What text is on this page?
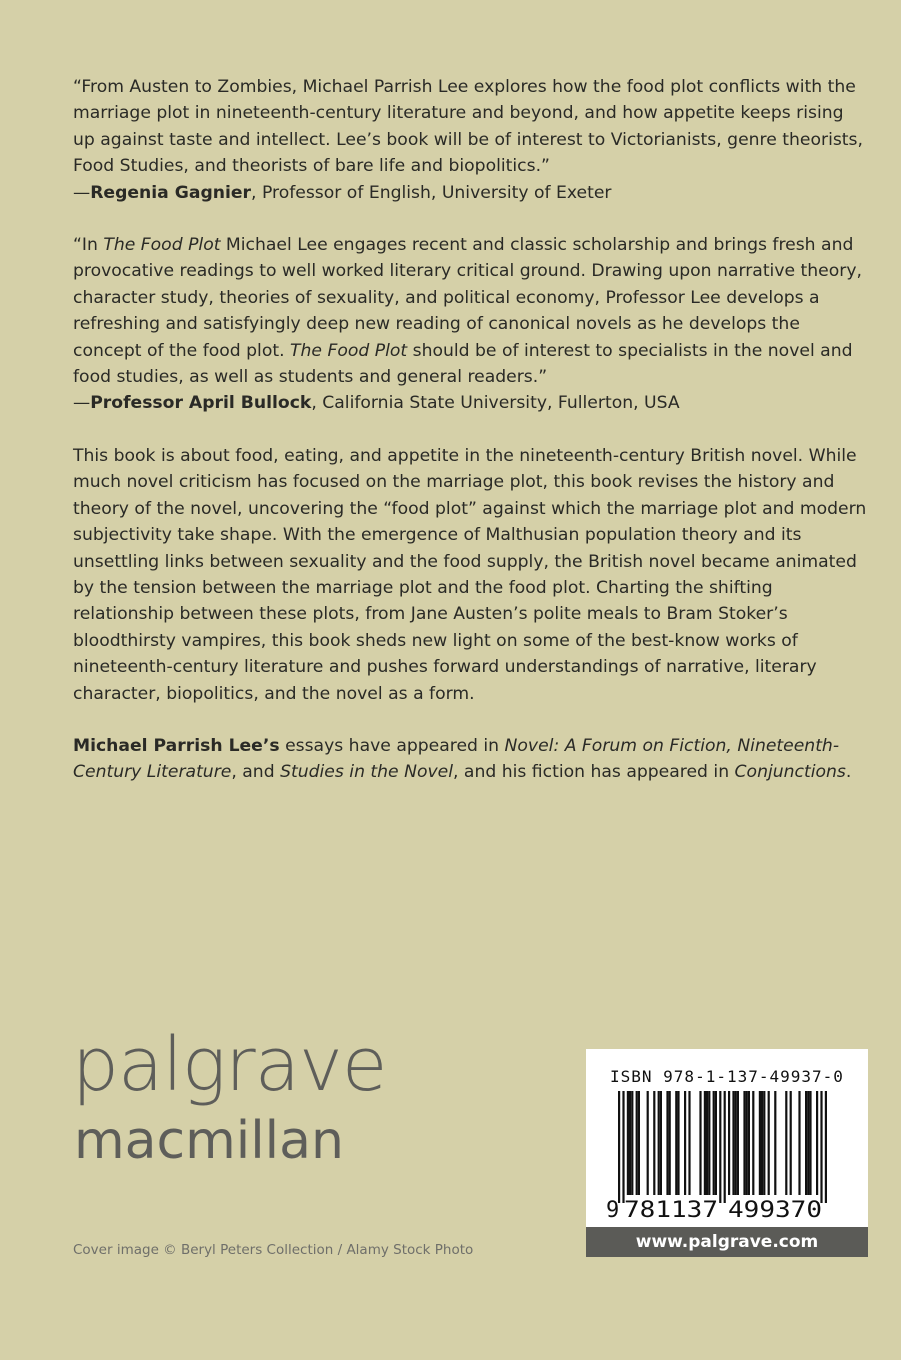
“From Austen to Zombies, Michael Parrish Lee explores how the food plot conflicts with the marriage plot in nineteenth-century literature and beyond, and how appetite keeps rising up against taste and intellect. Lee’s book will be of interest to Victorianists, genre theorists, Food Studies, and theorists of bare life and biopolitics.”
—Regenia Gagnier, Professor of English, University of Exeter

“In The Food Plot Michael Lee engages recent and classic scholarship and brings fresh and provocative readings to well worked literary critical ground. Drawing upon narrative theory, character study, theories of sexuality, and political economy, Professor Lee develops a refreshing and satisfyingly deep new reading of canonical novels as he develops the concept of the food plot. The Food Plot should be of interest to specialists in the novel and food studies, as well as students and general readers.”
—Professor April Bullock, California State University, Fullerton, USA

This book is about food, eating, and appetite in the nineteenth-century British novel. While much novel criticism has focused on the marriage plot, this book revises the history and theory of the novel, uncovering the “food plot” against which the marriage plot and modern subjectivity take shape. With the emergence of Malthusian population theory and its unsettling links between sexuality and the food supply, the British novel became animated by the tension between the marriage plot and the food plot. Charting the shifting relationship between these plots, from Jane Austen’s polite meals to Bram Stoker’s bloodthirsty vampires, this book sheds new light on some of the best-know works of nineteenth-century literature and pushes forward understandings of narrative, literary character, biopolitics, and the novel as a form.

Michael Parrish Lee’s essays have appeared in Novel: A Forum on Fiction, Nineteenth-Century Literature, and Studies in the Novel, and his fiction has appeared in Conjunctions.

palgrave
macmillan
Cover image © Beryl Peters Collection / Alamy Stock Photo
ISBN 978-1-137-49937-0
9 781137 499370
www.palgrave.com
